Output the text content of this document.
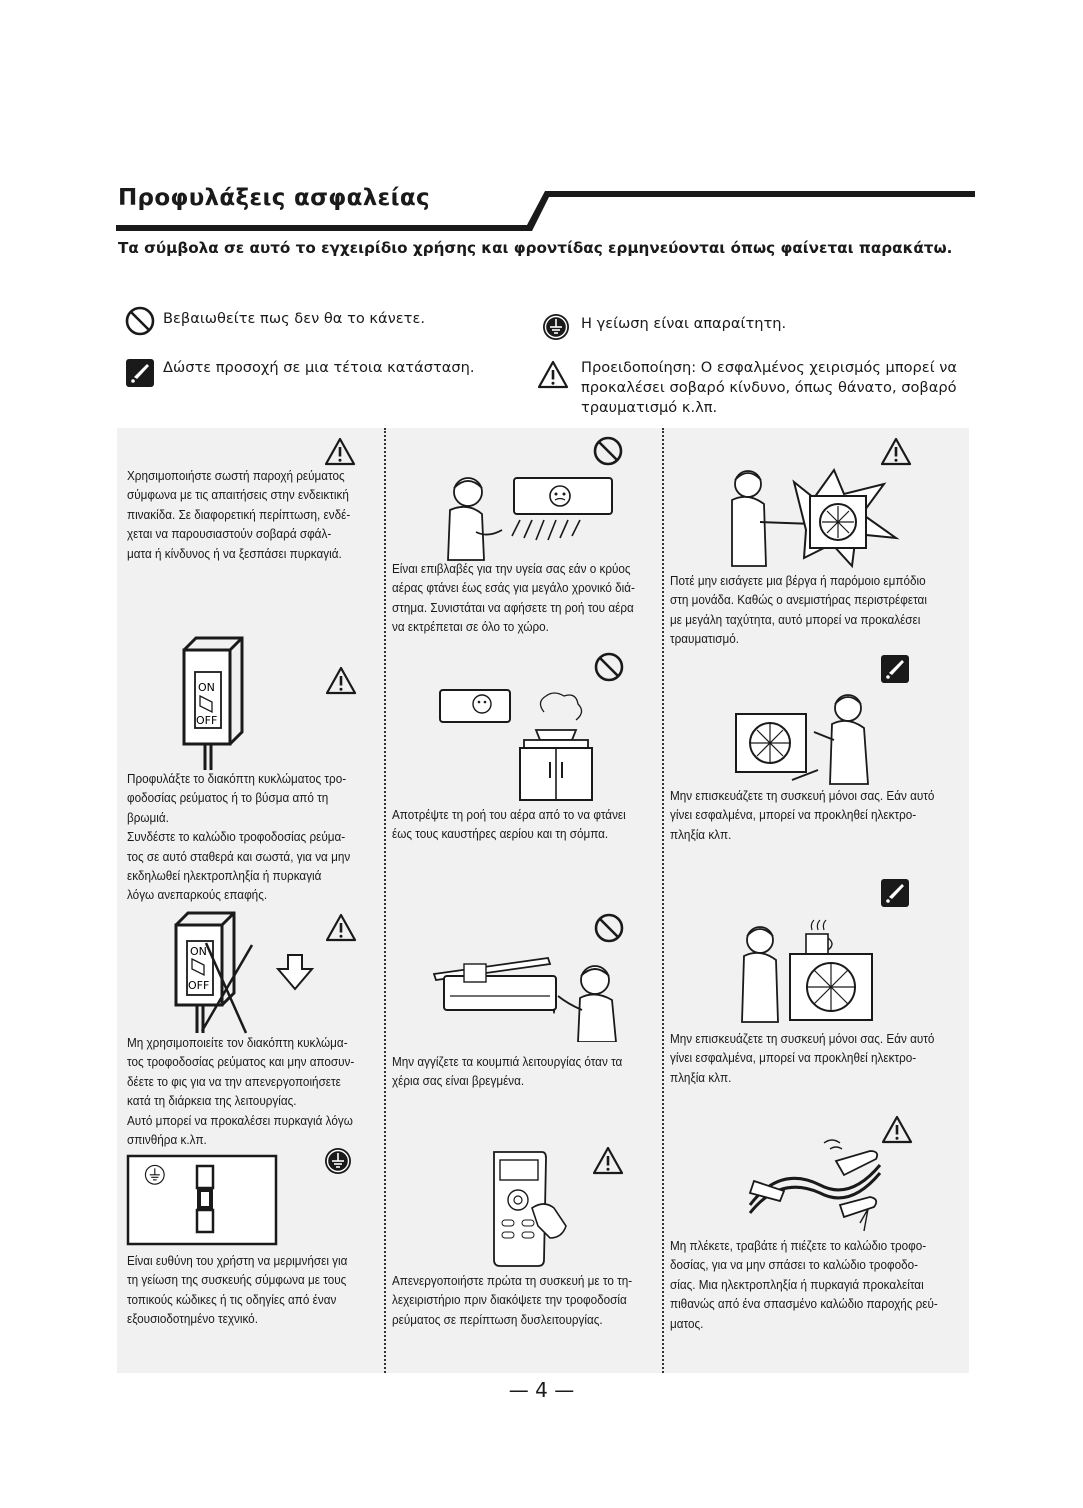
Προφυλάξεις ασφαλείας
Τα σύμβολα σε αυτό το εγχειρίδιο χρήσης και φροντίδας ερμηνεύονται όπως φαίνεται παρακάτω.
Βεβαιωθείτε πως δεν θα το κάνετε.
Δώστε προσοχή σε μια τέτοια κατάσταση.
Η γείωση είναι απαραίτητη.
Προειδοποίηση: Ο εσφαλμένος χειρισμός μπορεί να
προκαλέσει σοβαρό κίνδυνο, όπως θάνατο, σοβαρό
τραυματισμό κ.λπ.
Χρησιμοποιήστε σωστή παροχή ρεύματος
σύμφωνα με τις απαιτήσεις στην ενδεικτική
πινακίδα. Σε διαφορετική περίπτωση, ενδέ-
χεται να παρουσιαστούν σοβαρά σφάλ-
ματα ή κίνδυνος ή να ξεσπάσει πυρκαγιά.
ON
OFF
Προφυλάξτε το διακόπτη κυκλώματος τρο-
φοδοσίας ρεύματος ή το βύσμα από τη
βρωμιά.
Συνδέστε το καλώδιο τροφοδοσίας ρεύμα-
τος σε αυτό σταθερά και σωστά, για να μην
εκδηλωθεί ηλεκτροπληξία ή πυρκαγιά
λόγω ανεπαρκούς επαφής.
ON
OFF
Μη χρησιμοποιείτε τον διακόπτη κυκλώμα-
τος τροφοδοσίας ρεύματος και μην αποσυν-
δέετε το φις για να την απενεργοποιήσετε
κατά τη διάρκεια της λειτουργίας.
Αυτό μπορεί να προκαλέσει πυρκαγιά λόγω
σπινθήρα κ.λπ.
Είναι ευθύνη του χρήστη να μεριμνήσει για
τη γείωση της συσκευής σύμφωνα με τους
τοπικούς κώδικες ή τις οδηγίες από έναν
εξουσιοδοτημένο τεχνικό.
Είναι επιβλαβές για την υγεία σας εάν ο κρύος
αέρας φτάνει έως εσάς για μεγάλο χρονικό διά-
στημα. Συνιστάται να αφήσετε τη ροή του αέρα
να εκτρέπεται σε όλο το χώρο.
Αποτρέψτε τη ροή του αέρα από το να φτάνει
έως τους καυστήρες αερίου και τη σόμπα.
Μην αγγίζετε τα κουμπιά λειτουργίας όταν τα
χέρια σας είναι βρεγμένα.
Απενεργοποιήστε πρώτα τη συσκευή με το τη-
λεχειριστήριο πριν διακόψετε την τροφοδοσία
ρεύματος σε περίπτωση δυσλειτουργίας.
Ποτέ μην εισάγετε μια βέργα ή παρόμοιο εμπόδιο
στη μονάδα. Καθώς ο ανεμιστήρας περιστρέφεται
με μεγάλη ταχύτητα, αυτό μπορεί να προκαλέσει
τραυματισμό.
Μην επισκευάζετε τη συσκευή μόνοι σας. Εάν αυτό
γίνει εσφαλμένα, μπορεί να προκληθεί ηλεκτρο-
πληξία κλπ.
Μην επισκευάζετε τη συσκευή μόνοι σας. Εάν αυτό
γίνει εσφαλμένα, μπορεί να προκληθεί ηλεκτρο-
πληξία κλπ.
Μη πλέκετε, τραβάτε ή πιέζετε το καλώδιο τροφο-
δοσίας, για να μην σπάσει το καλώδιο τροφοδο-
σίας. Μια ηλεκτροπληξία ή πυρκαγιά προκαλείται
πιθανώς από ένα σπασμένο καλώδιο παροχής ρεύ-
ματος.
— 4 —
